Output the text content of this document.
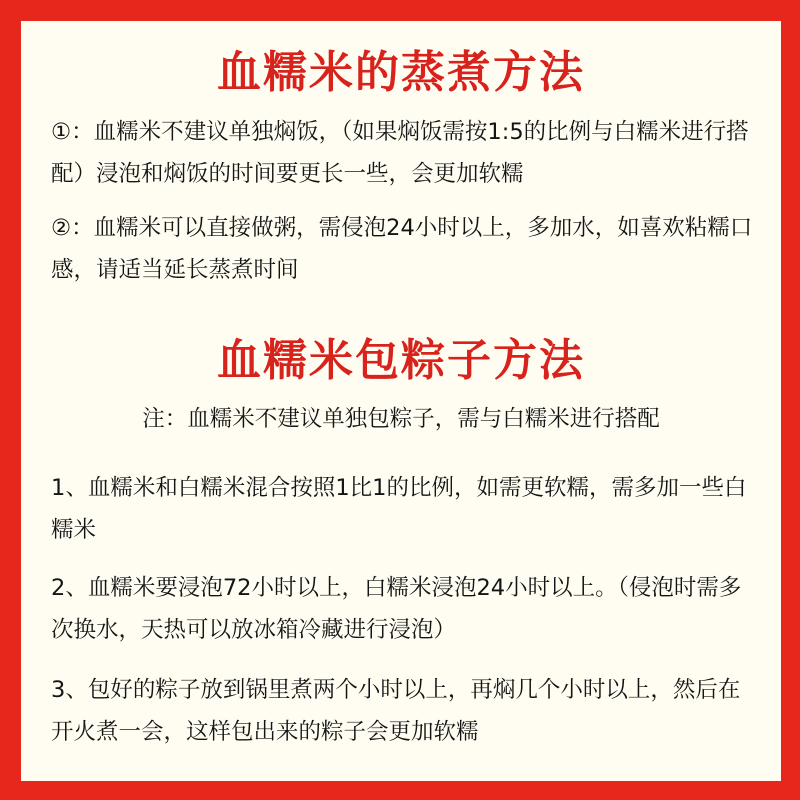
血糯米的蒸煮方法

①：血糯米不建议单独焖饭，（如果焖饭需按1:5的比例与白糯米进行搭配）浸泡和焖饭的时间要更长一些，会更加软糯

②：血糯米可以直接做粥，需侵泡24小时以上，多加水，如喜欢粘糯口感，请适当延长蒸煮时间

血糯米包粽子方法

注：血糯米不建议单独包粽子，需与白糯米进行搭配

1、血糯米和白糯米混合按照1比1的比例，如需更软糯，需多加一些白糯米

2、血糯米要浸泡72小时以上，白糯米浸泡24小时以上。（侵泡时需多次换水，天热可以放冰箱冷藏进行浸泡）

3、包好的粽子放到锅里煮两个小时以上，再焖几个小时以上，然后在开火煮一会，这样包出来的粽子会更加软糯
